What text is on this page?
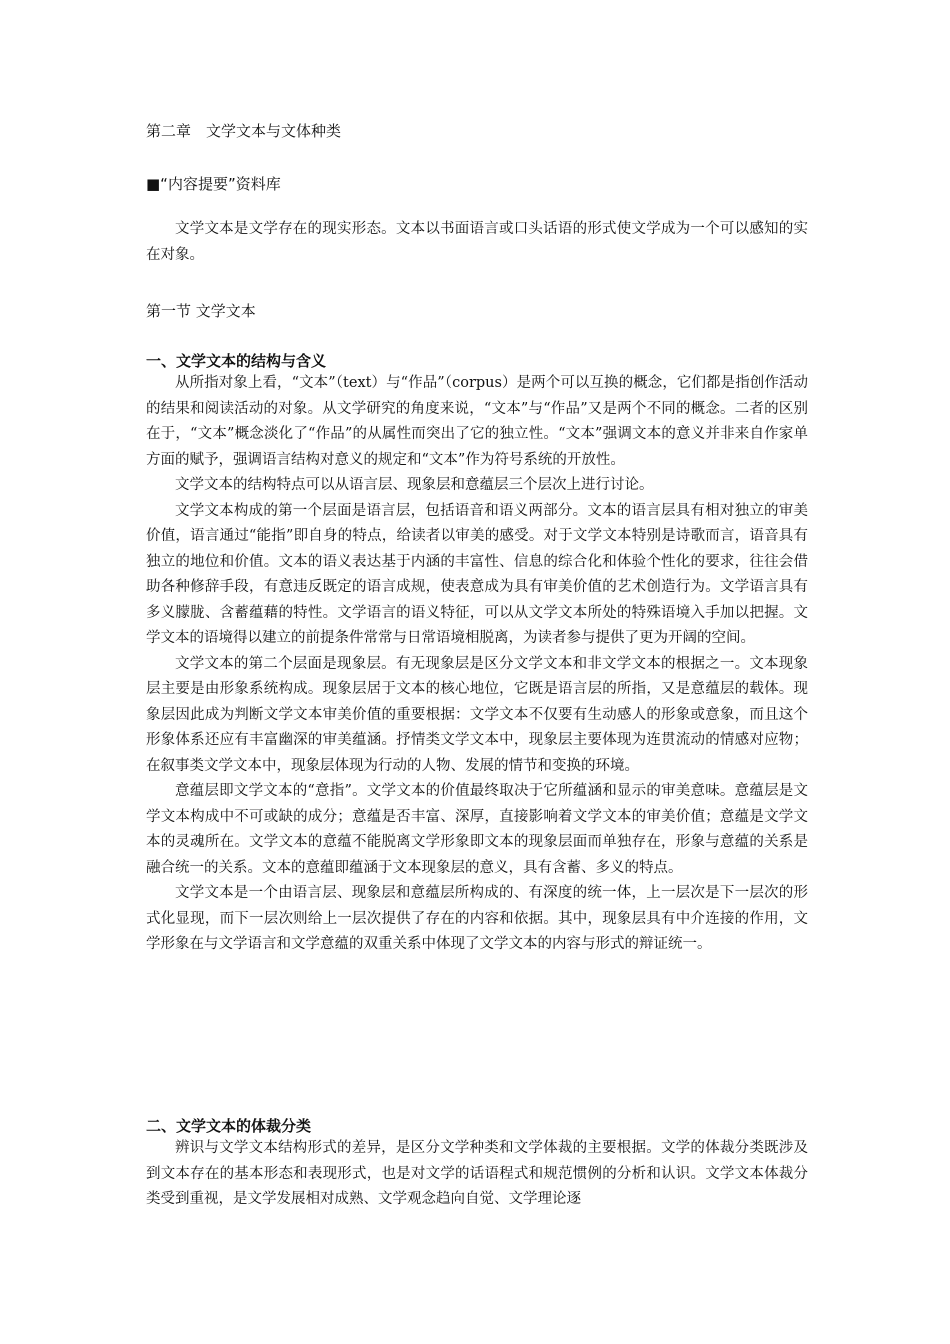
第二章　文学文本与文体种类
■“内容提要”资料库

文学文本是文学存在的现实形态。文本以书面语言或口头话语的形式使文学成为一个可以感知的实在对象。

第一节 文学文本
一、文学文本的结构与含义

从所指对象上看，“文本”（text）与“作品”（corpus）是两个可以互换的概念，它们都是指创作活动的结果和阅读活动的对象。从文学研究的角度来说，“文本”与“作品”又是两个不同的概念。二者的区别在于，“文本”概念淡化了“作品”的从属性而突出了它的独立性。“文本”强调文本的意义并非来自作家单方面的赋予，强调语言结构对意义的规定和“文本”作为符号系统的开放性。

文学文本的结构特点可以从语言层、现象层和意蕴层三个层次上进行讨论。

文学文本构成的第一个层面是语言层，包括语音和语义两部分。文本的语言层具有相对独立的审美价值，语言通过“能指”即自身的特点，给读者以审美的感受。对于文学文本特别是诗歌而言，语音具有独立的地位和价值。文本的语义表达基于内涵的丰富性、信息的综合化和体验个性化的要求，往往会借助各种修辞手段，有意违反既定的语言成规，使表意成为具有审美价值的艺术创造行为。文学语言具有多义朦胧、含蓄蕴藉的特性。文学语言的语义特征，可以从文学文本所处的特殊语境入手加以把握。文学文本的语境得以建立的前提条件常常与日常语境相脱离，为读者参与提供了更为开阔的空间。

文学文本的第二个层面是现象层。有无现象层是区分文学文本和非文学文本的根据之一。文本现象层主要是由形象系统构成。现象层居于文本的核心地位，它既是语言层的所指，又是意蕴层的载体。现象层因此成为判断文学文本审美价值的重要根据：文学文本不仅要有生动感人的形象或意象，而且这个形象体系还应有丰富幽深的审美蕴涵。抒情类文学文本中，现象层主要体现为连贯流动的情感对应物；在叙事类文学文本中，现象层体现为行动的人物、发展的情节和变换的环境。

意蕴层即文学文本的“意指”。文学文本的价值最终取决于它所蕴涵和显示的审美意味。意蕴层是文学文本构成中不可或缺的成分；意蕴是否丰富、深厚，直接影响着文学文本的审美价值；意蕴是文学文本的灵魂所在。文学文本的意蕴不能脱离文学形象即文本的现象层面而单独存在，形象与意蕴的关系是融合统一的关系。文本的意蕴即蕴涵于文本现象层的意义，具有含蓄、多义的特点。

文学文本是一个由语言层、现象层和意蕴层所构成的、有深度的统一体，上一层次是下一层次的形式化显现，而下一层次则给上一层次提供了存在的内容和依据。其中，现象层具有中介连接的作用，文学形象在与文学语言和文学意蕴的双重关系中体现了文学文本的内容与形式的辩证统一。

二、文学文本的体裁分类

辨识与文学文本结构形式的差异，是区分文学种类和文学体裁的主要根据。文学的体裁分类既涉及到文本存在的基本形态和表现形式，也是对文学的话语程式和规范惯例的分析和认识。文学文本体裁分类受到重视，是文学发展相对成熟、文学观念趋向自觉、文学理论逐
